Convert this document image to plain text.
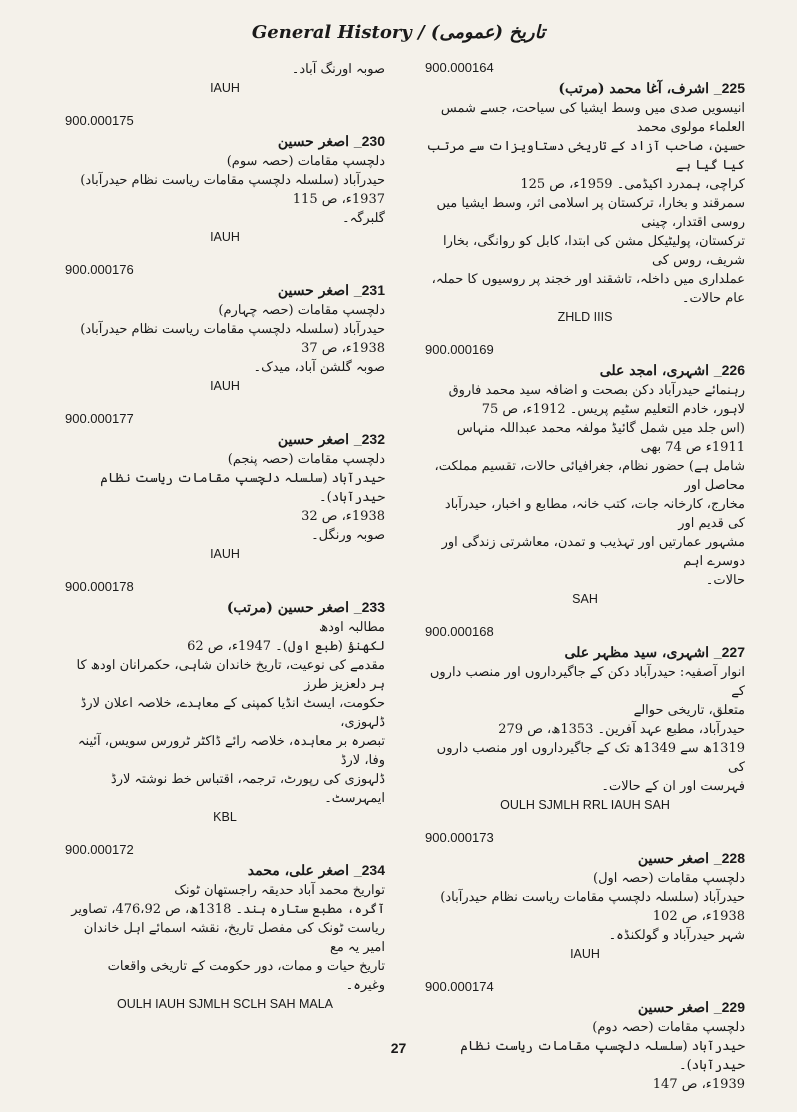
General History / (تاریخ (عمومی
900.000164
225_ اشرف، آغا محمد (مرتب)
انیسویں صدی میں وسط ایشیا کی سیاحت، جسے شمس العلماء مولوی محمد
حسین، صاحب آزاد کے تاریخی دستاویزات سے مرتب کیا گیا ہے
کراچی، ہمدرد اکیڈمی۔ 1959ء، ص 125
سمرقند و بخارا، ترکستان پر اسلامی اثر، وسط ایشیا میں روسی اقتدار، چینی
ترکستان، پولیٹیکل مشن کی ابتدا، کابل کو روانگی، بخارا شریف، روس کی
عملداری میں داخلہ، تاشقند اور خجند پر روسیوں کا حملہ، عام حالات۔
ZHLD IIIS
900.000169
226_ اشہری، امجد علی
رہنمائے حیدرآباد دکن بصحت و اضافہ سید محمد فاروق
لاہور، خادم التعلیم سٹیم پریس۔ 1912ء، ص 75
(اس جلد میں شمل گائیڈ مولفہ محمد عبداللہ منہاس 1911ء ص 74 بھی
شامل ہے) حضور نظام، جغرافیائی حالات، تقسیم مملکت، محاصل اور
مخارج، کارخانہ جات، کتب خانہ، مطابع و اخبار، حیدرآباد کی قدیم اور
مشہور عمارتیں اور تہذیب و تمدن، معاشرتی زندگی اور دوسرے اہم
حالات۔
SAH
900.000168
227_ اشہری، سید مظہر علی
انوار آصفیہ: حیدرآباد دکن کے جاگیرداروں اور منصب داروں کے
متعلق، تاریخی حوالے
حیدرآباد، مطبع عہد آفرین۔ 1353ھ، ص 279
1319ھ سے 1349ھ تک کے جاگیرداروں اور منصب داروں کی
فہرست اور ان کے حالات۔
OULH SJMLH RRL IAUH SAH
900.000173
228_ اصغر حسین
دلچسپ مقامات (حصہ اول)
حیدرآباد (سلسلہ دلچسپ مقامات ریاست نظام حیدرآباد)
1938ء، ص 102
شہر حیدرآباد و گولکنڈہ۔
IAUH
900.000174
229_ اصغر حسین
دلچسپ مقامات (حصہ دوم)
حیدرآباد (سلسلہ دلچسپ مقامات ریاست نظام حیدرآباد)۔
1939ء، ص 147
صوبہ اورنگ آباد۔
IAUH
900.000175
230_ اصغر حسین
دلچسپ مقامات (حصہ سوم)
حیدرآباد (سلسلہ دلچسپ مقامات ریاست نظام حیدرآباد)
1937ء، ص 115
گلبرگہ۔
IAUH
900.000176
231_ اصغر حسین
دلچسپ مقامات (حصہ چہارم)
حیدرآباد (سلسلہ دلچسپ مقامات ریاست نظام حیدرآباد)
1938ء، ص 37
صوبہ گلشن آباد، میدک۔
IAUH
900.000177
232_ اصغر حسین
دلچسپ مقامات (حصہ پنجم)
حیدرآباد (سلسلہ دلچسپ مقامات ریاست نظام حیدرآباد)۔
1938ء، ص 32
صوبہ ورنگل۔
IAUH
900.000178
233_ اصغر حسین (مرتب)
مطالبہ اودھ
لکھنؤ (طبع اول)۔ 1947ء، ص 62
مقدمے کی نوعیت، تاریخ خاندان شاہی، حکمرانان اودھ کا ہر دلعزیز طرز
حکومت، ایسٹ انڈیا کمپنی کے معاہدے، خلاصہ اعلان لارڈ ڈلہوزی،
تبصرہ بر معاہدہ، خلاصہ رائے ڈاکٹر ٹرورس سویس، آئینہ وفا، لارڈ
ڈلہوزی کی رپورٹ، ترجمہ، اقتباس خط نوشتہ لارڈ ایمہرسٹ۔
KBL
900.000172
234_ اصغر علی، محمد
تواریخ محمد آباد حدیقہ راجستھان ٹونک
آگرہ، مطبع ستارہ ہند۔ 1318ھ، ص 476،92، تصاویر
ریاست ٹونک کی مفصل تاریخ، نقشہ اسمائے اہل خاندان امیر یہ مع
تاریخ حیات و ممات، دور حکومت کے تاریخی واقعات وغیرہ۔
OULH IAUH SJMLH SCLH SAH MALA
27
